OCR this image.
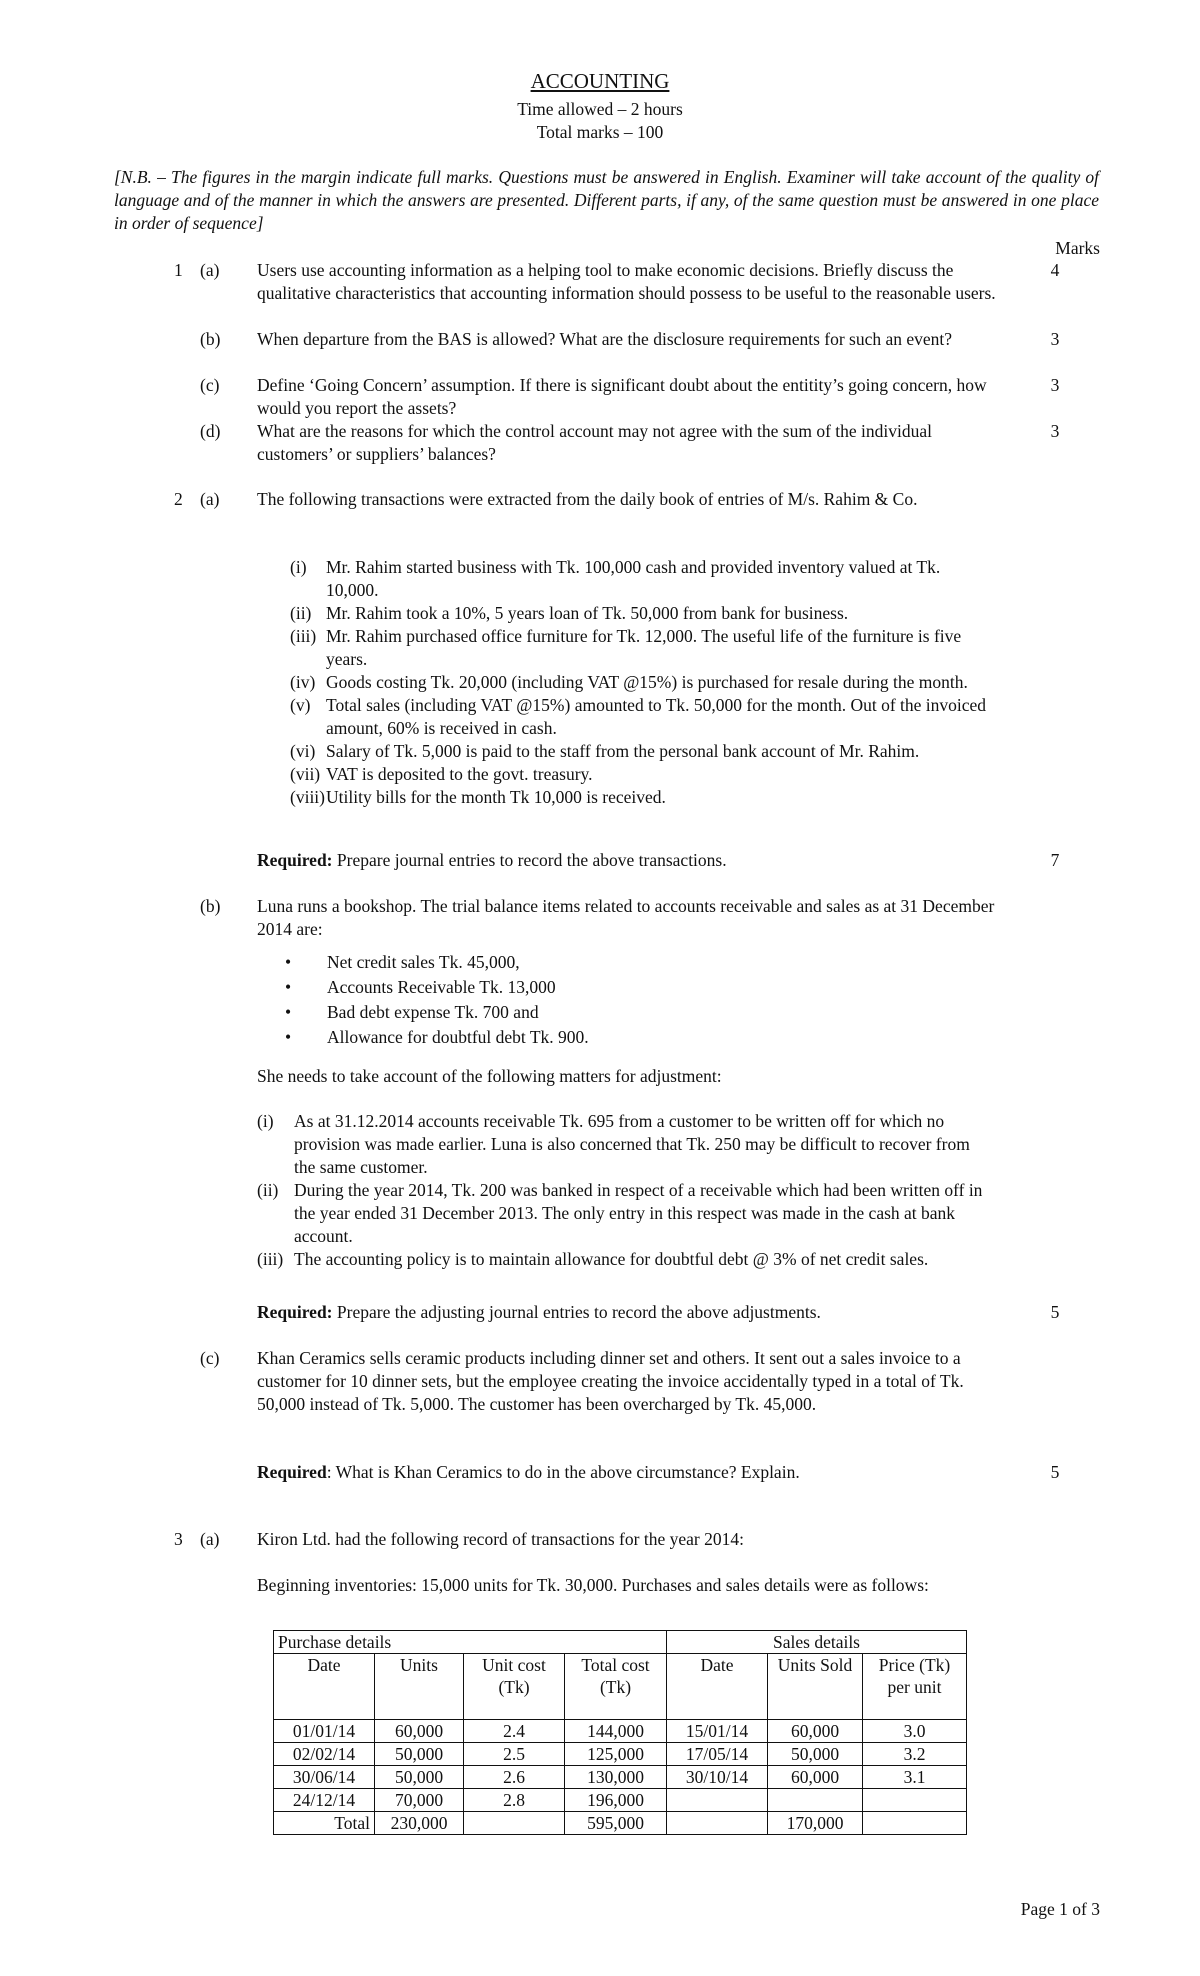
ACCOUNTING
Time allowed – 2 hours
Total marks – 100

[N.B. – The figures in the margin indicate full marks. Questions must be answered in English. Examiner will take account of the quality of language and of the manner in which the answers are presented. Different parts, if any, of the same question must be answered in one place in order of sequence]

Marks
1 (a)	Users use accounting information as a helping tool to make economic decisions. Briefly discuss the qualitative characteristics that accounting information should possess to be useful to the reasonable users.
4
(b)	When departure from the BAS is allowed? What are the disclosure requirements for such an event?	3
(c)	Define ‘Going Concern’ assumption. If there is significant doubt about the entitity’s going concern, how would you report the assets?
3
(d)	What are the reasons for which the control account may not agree with the sum of the individual customers’ or suppliers’ balances?
3
2 (a)	The following transactions were extracted from the daily book of entries of M/s. Rahim & Co.
(i) Mr. Rahim started business with Tk. 100,000 cash and provided inventory valued at Tk. 10,000.
(ii) Mr. Rahim took a 10%, 5 years loan of Tk. 50,000 from bank for business.
(iii) Mr. Rahim purchased office furniture for Tk. 12,000. The useful life of the furniture is five years.
(iv) Goods costing Tk. 20,000 (including VAT @15%) is purchased for resale during the month.
(v) Total sales (including VAT @15%) amounted to Tk. 50,000 for the month. Out of the invoiced amount, 60% is received in cash.
(vi) Salary of Tk. 5,000 is paid to the staff from the personal bank account of Mr. Rahim.
(vii) VAT is deposited to the govt. treasury.
(viii) Utility bills for the month Tk 10,000 is received.
Required: Prepare journal entries to record the above transactions.	7
(b)	Luna runs a bookshop. The trial balance items related to accounts receivable and sales as at 31 December 2014 are:
• Net credit sales Tk. 45,000,
• Accounts Receivable Tk. 13,000
• Bad debt expense Tk. 700 and
• Allowance for doubtful debt Tk. 900.
She needs to take account of the following matters for adjustment:
(i) As at 31.12.2014 accounts receivable Tk. 695 from a customer to be written off for which no provision was made earlier. Luna is also concerned that Tk. 250 may be difficult to recover from the same customer.
(ii) During the year 2014, Tk. 200 was banked in respect of a receivable which had been written off in the year ended 31 December 2013. The only entry in this respect was made in the cash at bank account.
(iii) The accounting policy is to maintain allowance for doubtful debt @ 3% of net credit sales.
Required: Prepare the adjusting journal entries to record the above adjustments.	5
(c)	Khan Ceramics sells ceramic products including dinner set and others. It sent out a sales invoice to a customer for 10 dinner sets, but the employee creating the invoice accidentally typed in a total of Tk. 50,000 instead of Tk. 5,000. The customer has been overcharged by Tk. 45,000.
Required: What is Khan Ceramics to do in the above circumstance? Explain.	5
3 (a)	Kiron Ltd. had the following record of transactions for the year 2014:
Beginning inventories: 15,000 units for Tk. 30,000. Purchases and sales details were as follows:
Purchase details				Sales details		
Date	Units	Unit cost (Tk)	Total cost (Tk)	Date	Units Sold	Price (Tk) per unit
01/01/14	60,000	2.4	144,000	15/01/14	60,000	3.0
02/02/14	50,000	2.5	125,000	17/05/14	50,000	3.2
30/06/14	50,000	2.6	130,000	30/10/14	60,000	3.1
24/12/14	70,000	2.8	196,000			
Total	230,000		595,000		170,000	
Page 1 of 3
